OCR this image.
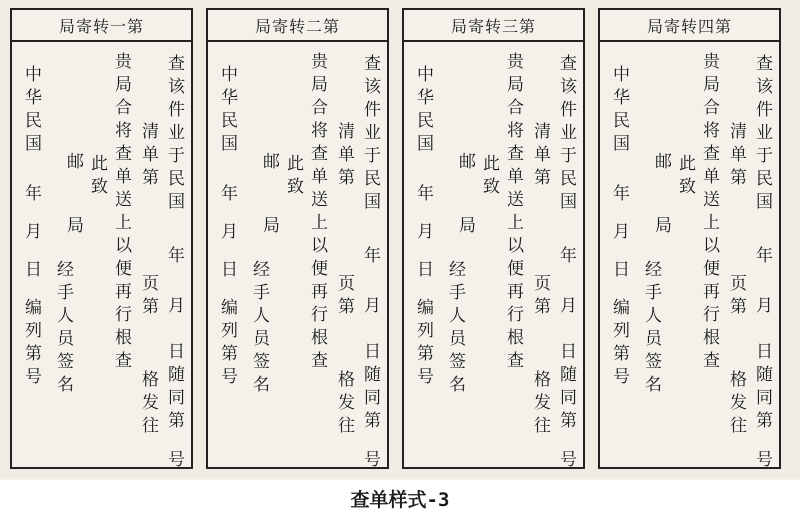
局寄转一第
查该件业于民国
年
月
日随同第
号
清单第
页第
格发往
贵局合将查单送上以便再行根查
此致
邮
局
经手人员签名
中华民国
年
月
日
编列第号
局寄转二第
查该件业于民国
年
月
日随同第
号
清单第
页第
格发往
贵局合将查单送上以便再行根查
此致
邮
局
经手人员签名
中华民国
年
月
日
编列第号
局寄转三第
查该件业于民国
年
月
日随同第
号
清单第
页第
格发往
贵局合将查单送上以便再行根查
此致
邮
局
经手人员签名
中华民国
年
月
日
编列第号
局寄转四第
查该件业于民国
年
月
日随同第
号
清单第
页第
格发往
贵局合将查单送上以便再行根查
此致
邮
局
经手人员签名
中华民国
年
月
日
编列第号
查单样式-3
